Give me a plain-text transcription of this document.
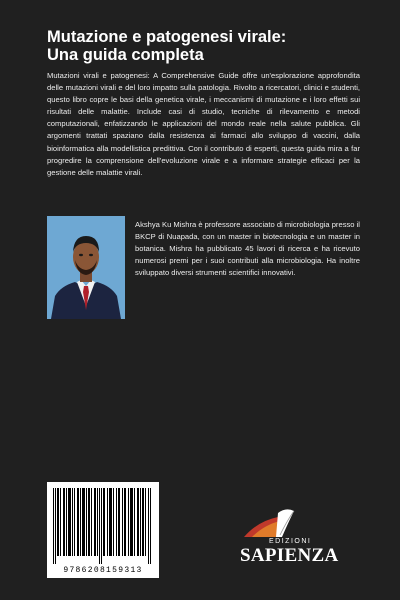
Mutazione e patogenesi virale:
Una guida completa
Mutazioni virali e patogenesi: A Comprehensive Guide offre un'esplorazione approfondita delle mutazioni virali e del loro impatto sulla patologia. Rivolto a ricercatori, clinici e studenti, questo libro copre le basi della genetica virale, i meccanismi di mutazione e i loro effetti sui risultati delle malattie. Include casi di studio, tecniche di rilevamento e metodi computazionali, enfatizzando le applicazioni del mondo reale nella salute pubblica. Gli argomenti trattati spaziano dalla resistenza ai farmaci allo sviluppo di vaccini, dalla bioinformatica alla modellistica predittiva. Con il contributo di esperti, questa guida mira a far progredire la comprensione dell'evoluzione virale e a informare strategie efficaci per la gestione delle malattie virali.
Akshya Ku Mishra è professore associato di microbiologia presso il BKCP di Nuapada, con un master in biotecnologia e un master in botanica. Mishra ha pubblicato 45 lavori di ricerca e ha ricevuto numerosi premi per i suoi contributi alla microbiologia. Ha inoltre sviluppato diversi strumenti scientifici innovativi.
9786208159313
EDIZIONI
SAPIENZA
